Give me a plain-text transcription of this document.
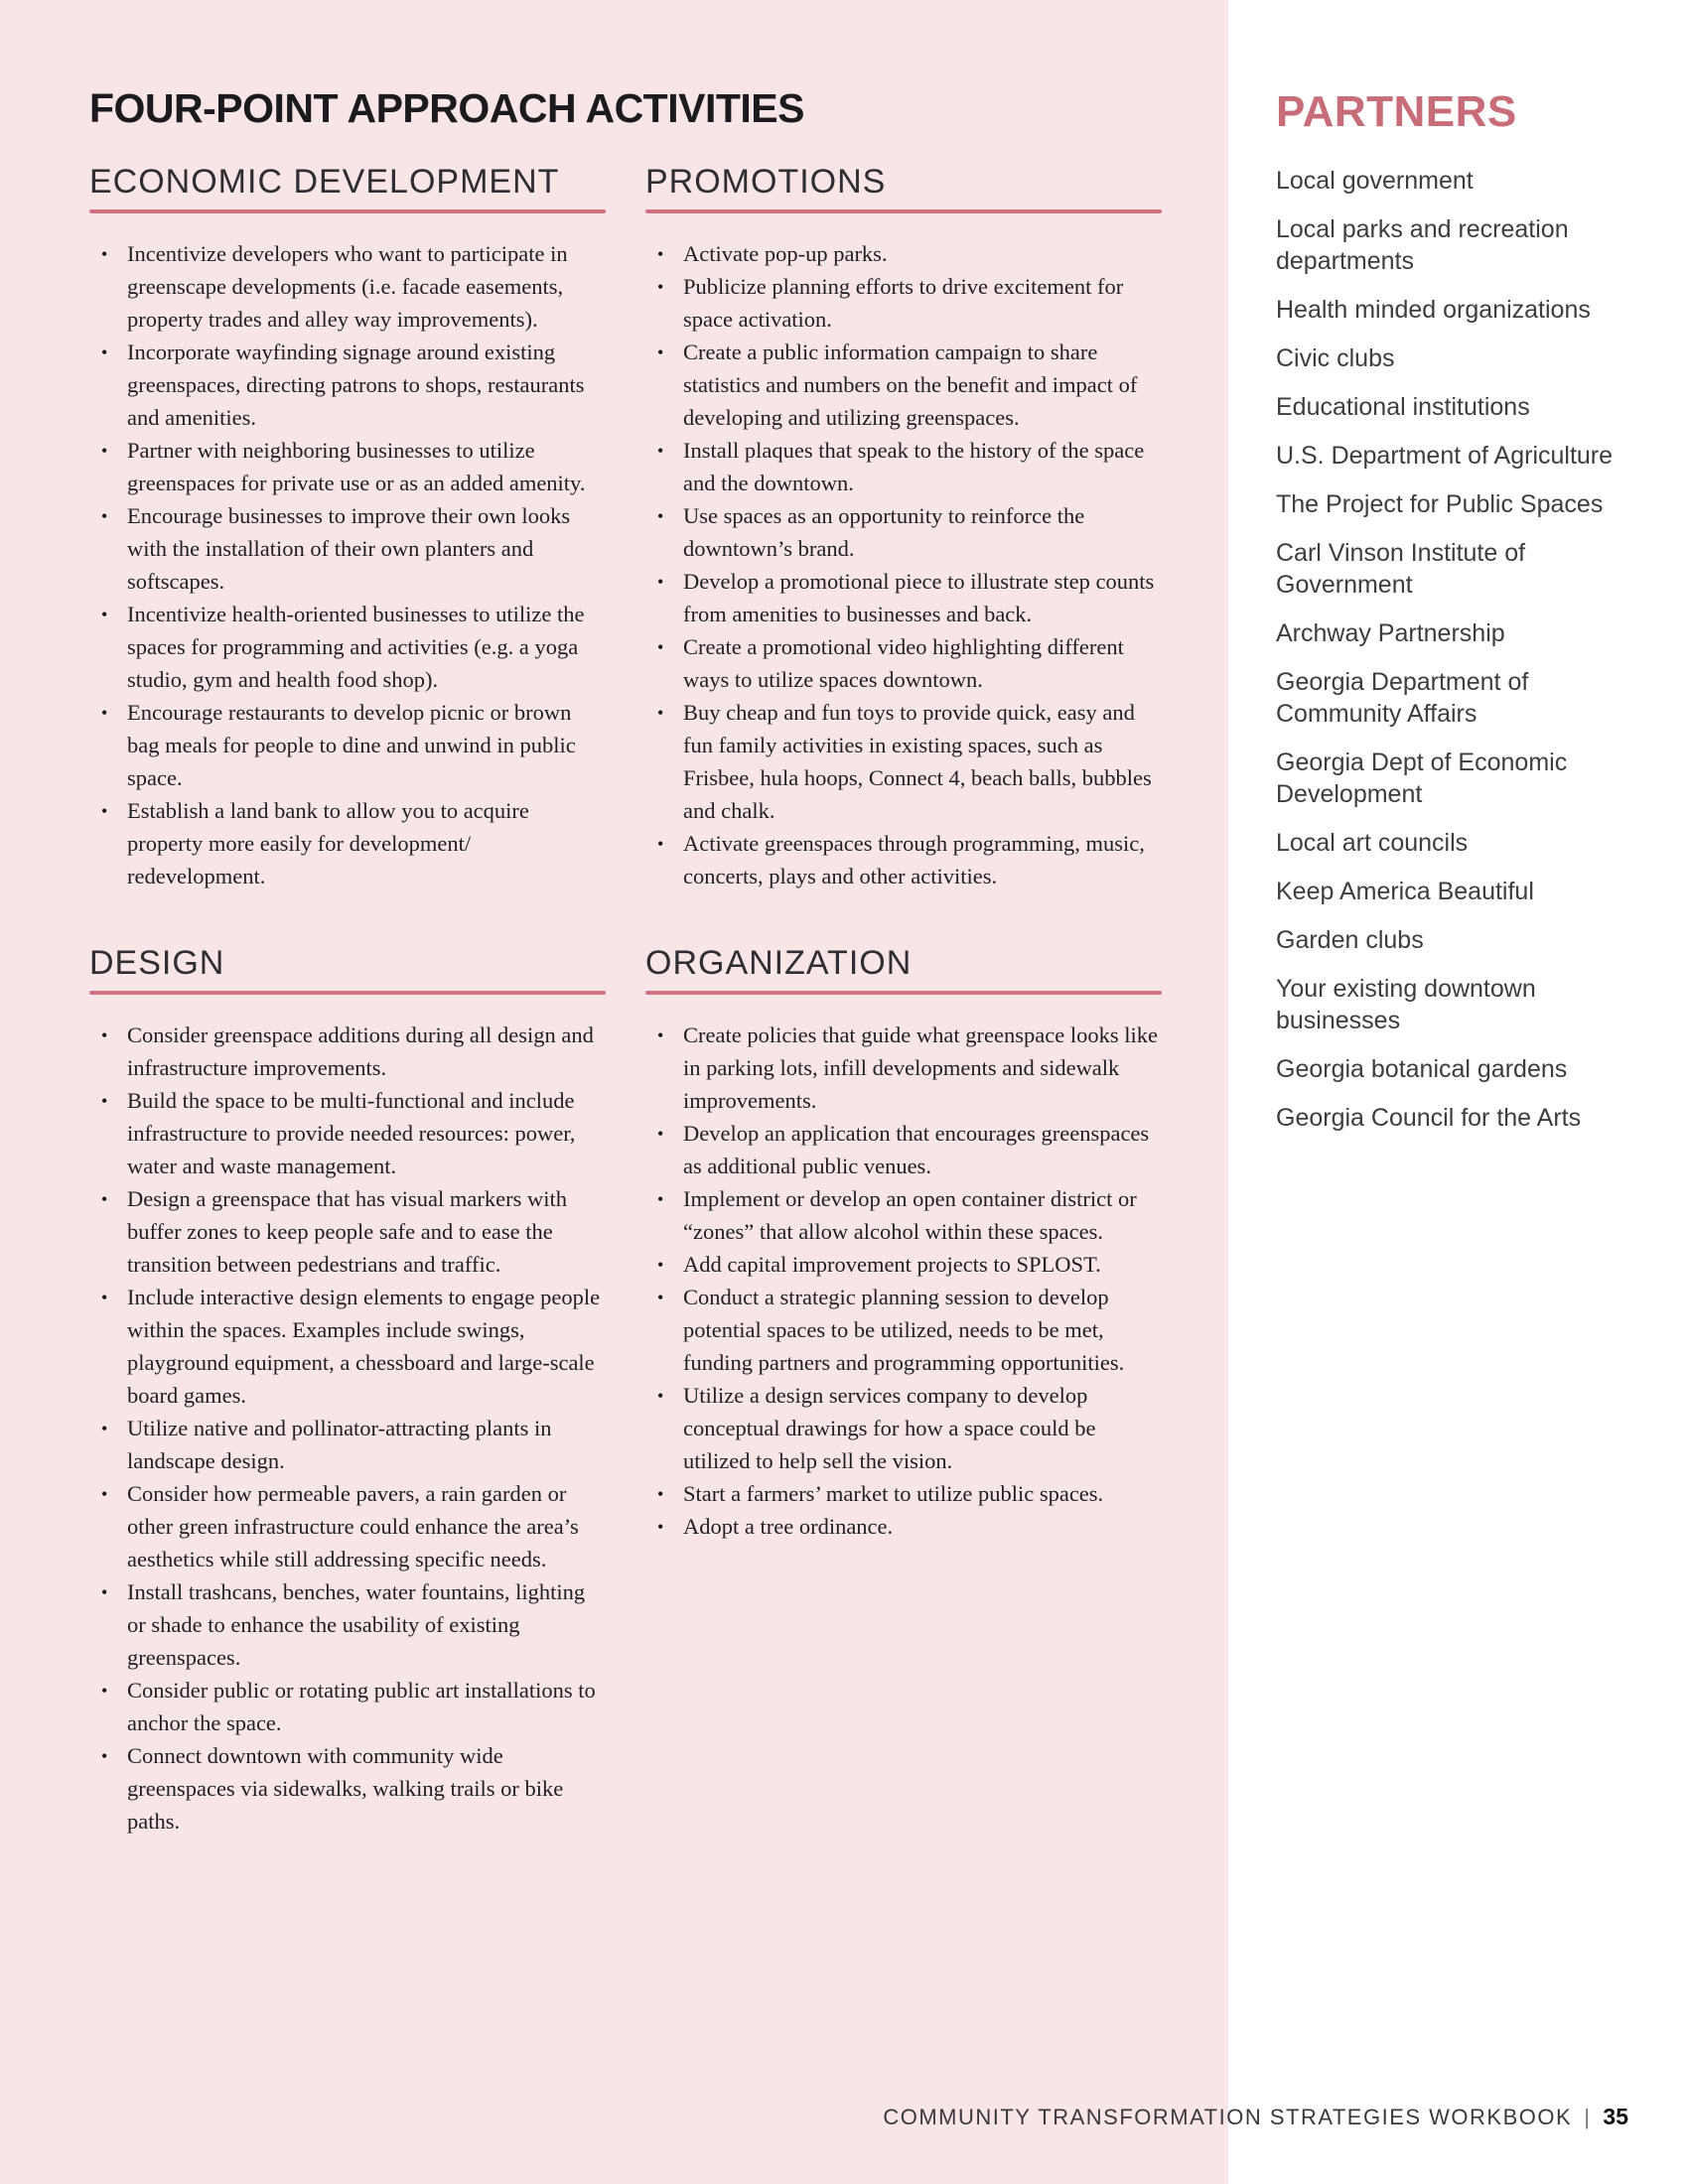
FOUR-POINT APPROACH ACTIVITIES
ECONOMIC DEVELOPMENT
• Incentivize developers who want to participate in greenscape developments (i.e. facade easements, property trades and alley way improvements).
• Incorporate wayfinding signage around existing greenspaces, directing patrons to shops, restaurants and amenities.
• Partner with neighboring businesses to utilize greenspaces for private use or as an added amenity.
• Encourage businesses to improve their own looks with the installation of their own planters and softscapes.
• Incentivize health-oriented businesses to utilize the spaces for programming and activities (e.g. a yoga studio, gym and health food shop).
• Encourage restaurants to develop picnic or brown bag meals for people to dine and unwind in public space.
• Establish a land bank to allow you to acquire property more easily for development/ redevelopment.
DESIGN
• Consider greenspace additions during all design and infrastructure improvements.
• Build the space to be multi-functional and include infrastructure to provide needed resources: power, water and waste management.
• Design a greenspace that has visual markers with buffer zones to keep people safe and to ease the transition between pedestrians and traffic.
• Include interactive design elements to engage people within the spaces. Examples include swings, playground equipment, a chessboard and large-scale board games.
• Utilize native and pollinator-attracting plants in landscape design.
• Consider how permeable pavers, a rain garden or other green infrastructure could enhance the area’s aesthetics while still addressing specific needs.
• Install trashcans, benches, water fountains, lighting or shade to enhance the usability of existing greenspaces.
• Consider public or rotating public art installations to anchor the space.
• Connect downtown with community wide greenspaces via sidewalks, walking trails or bike paths.
PROMOTIONS
• Activate pop-up parks.
• Publicize planning efforts to drive excitement for space activation.
• Create a public information campaign to share statistics and numbers on the benefit and impact of developing and utilizing greenspaces.
• Install plaques that speak to the history of the space and the downtown.
• Use spaces as an opportunity to reinforce the downtown’s brand.
• Develop a promotional piece to illustrate step counts from amenities to businesses and back.
• Create a promotional video highlighting different ways to utilize spaces downtown.
• Buy cheap and fun toys to provide quick, easy and fun family activities in existing spaces, such as Frisbee, hula hoops, Connect 4, beach balls, bubbles and chalk.
• Activate greenspaces through programming, music, concerts, plays and other activities.
ORGANIZATION
• Create policies that guide what greenspace looks like in parking lots, infill developments and sidewalk improvements.
• Develop an application that encourages greenspaces as additional public venues.
• Implement or develop an open container district or “zones” that allow alcohol within these spaces.
• Add capital improvement projects to SPLOST.
• Conduct a strategic planning session to develop potential spaces to be utilized, needs to be met, funding partners and programming opportunities.
• Utilize a design services company to develop conceptual drawings for how a space could be utilized to help sell the vision.
• Start a farmers’ market to utilize public spaces.
• Adopt a tree ordinance.
PARTNERS
Local government
Local parks and recreation departments
Health minded organizations
Civic clubs
Educational institutions
U.S. Department of Agriculture
The Project for Public Spaces
Carl Vinson Institute of Government
Archway Partnership
Georgia Department of Community Affairs
Georgia Dept of Economic Development
Local art councils
Keep America Beautiful
Garden clubs
Your existing downtown businesses
Georgia botanical gardens
Georgia Council for the Arts
COMMUNITY TRANSFORMATION STRATEGIES WORKBOOK | 35
